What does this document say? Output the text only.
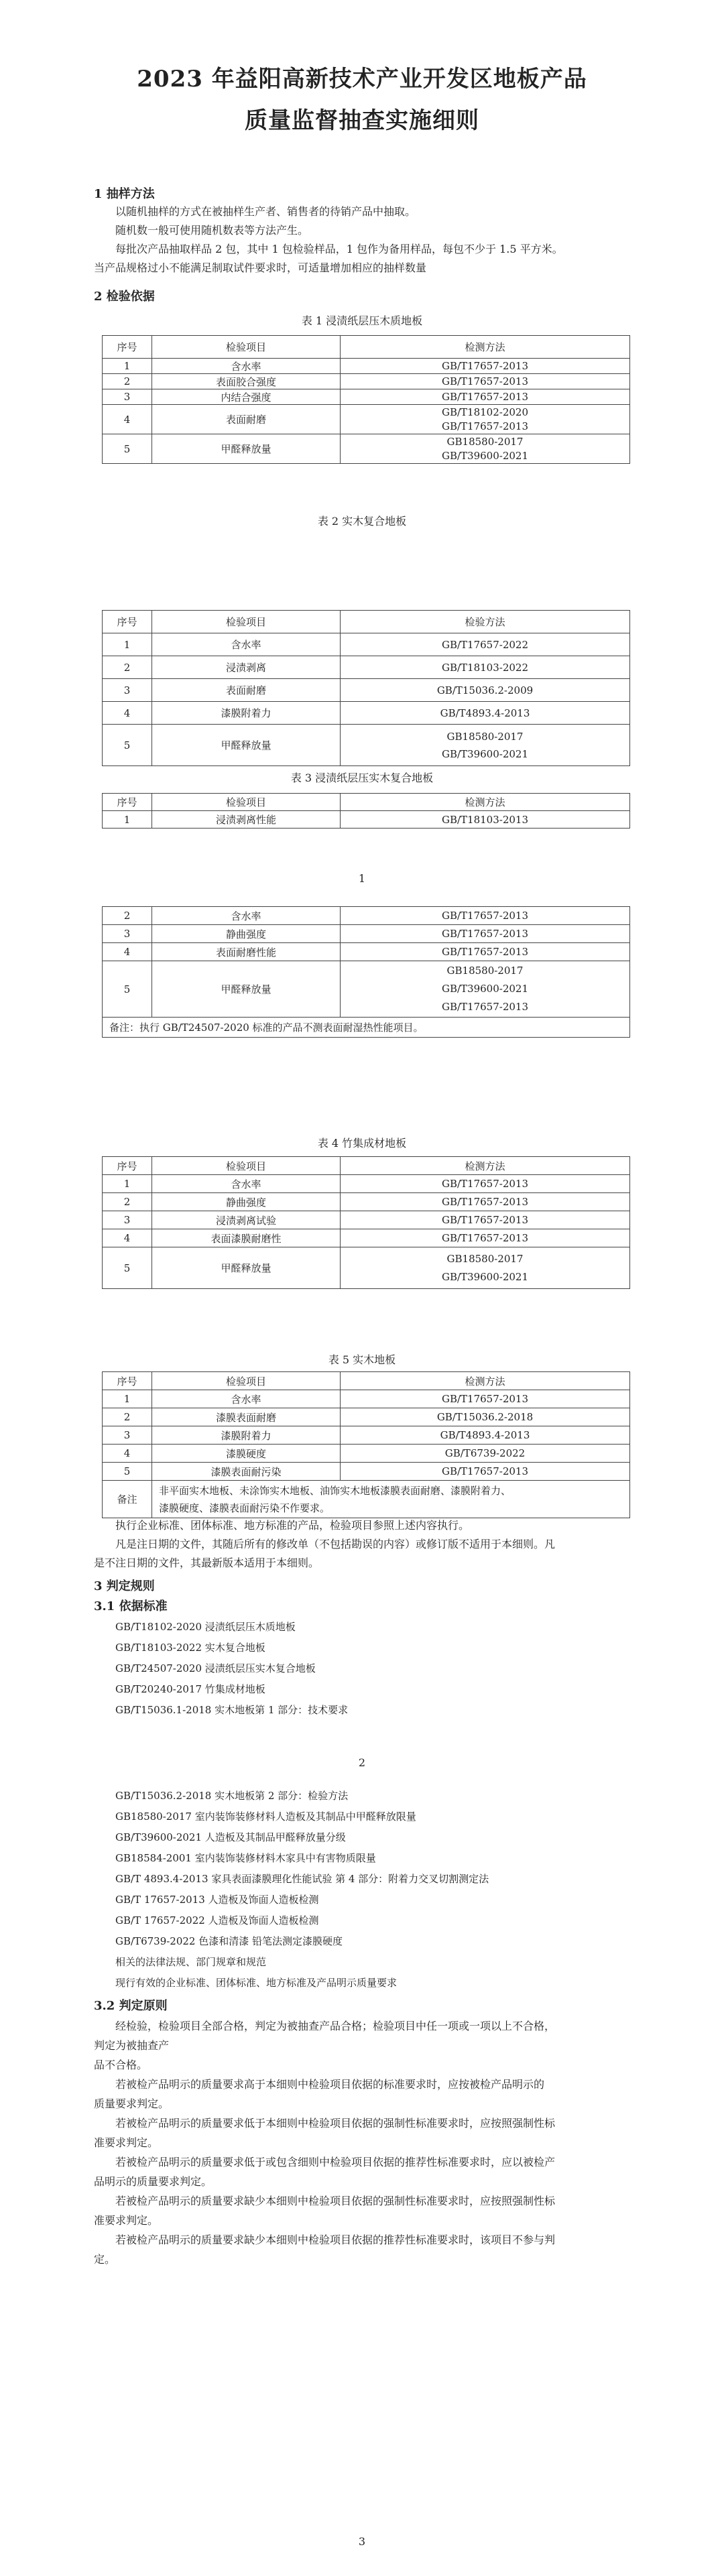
2023 年益阳高新技术产业开发区地板产品
质量监督抽查实施细则
1 抽样方法

以随机抽样的方式在被抽样生产者、销售者的待销产品中抽取。

随机数一般可使用随机数表等方法产生。

每批次产品抽取样品 2 包，其中 1 包检验样品，1 包作为备用样品，每包不少于 1.5 平方米。

当产品规格过小不能满足制取试件要求时，可适量增加相应的抽样数量

2 检验依据
表 1 浸渍纸层压木质地板
序号	检验项目	检测方法
1	含水率	GB/T17657-2013
2	表面胶合强度	GB/T17657-2013
3	内结合强度	GB/T17657-2013
4	表面耐磨	GB/T18102-2020
GB/T17657-2013

5	甲醛释放量	GB18580-2017
GB/T39600-2021
表 2 实木复合地板
序号	检验项目	检验方法
1	含水率	GB/T17657-2022
2	浸渍剥离	GB/T18103-2022
3	表面耐磨	GB/T15036.2-2009
4	漆膜附着力	GB/T4893.4-2013
5	甲醛释放量	GB18580-2017
GB/T39600-2021
表 3 浸渍纸层压实木复合地板
序号	检验项目	检测方法
1	浸渍剥离性能	GB/T18103-2013
1
2	含水率	GB/T17657-2013
3	静曲强度	GB/T17657-2013
4	表面耐磨性能	GB/T17657-2013
5	甲醛释放量	GB18580-2017
GB/T39600-2021
GB/T17657-2013

备注：执行 GB/T24507-2020 标准的产品不测表面耐湿热性能项目。		
表 4 竹集成材地板
序号	检验项目	检测方法
1	含水率	GB/T17657-2013
2	静曲强度	GB/T17657-2013
3	浸渍剥离试验	GB/T17657-2013
4	表面漆膜耐磨性	GB/T17657-2013
5	甲醛释放量	GB18580-2017
GB/T39600-2021
表 5 实木地板
序号	检验项目	检测方法
1	含水率	GB/T17657-2013
2	漆膜表面耐磨	GB/T15036.2-2018
3	漆膜附着力	GB/T4893.4-2013
4	漆膜硬度	GB/T6739-2022
5	漆膜表面耐污染	GB/T17657-2013
备注	非平面实木地板、未涂饰实木地板、油饰实木地板漆膜表面耐磨、漆膜附着力、
漆膜硬度、漆膜表面耐污染不作要求。	

执行企业标准、团体标准、地方标准的产品，检验项目参照上述内容执行。

凡是注日期的文件，其随后所有的修改单（不包括勘误的内容）或修订版不适用于本细则。凡

是不注日期的文件，其最新版本适用于本细则。

3 判定规则
3.1 依据标准
GB/T18102-2020 浸渍纸层压木质地板
GB/T18103-2022 实木复合地板
GB/T24507-2020 浸渍纸层压实木复合地板
GB/T20240-2017 竹集成材地板
GB/T15036.1-2018 实木地板第 1 部分：技术要求
2
GB/T15036.2-2018 实木地板第 2 部分：检验方法
GB18580-2017 室内装饰装修材料人造板及其制品中甲醛释放限量
GB/T39600-2021 人造板及其制品甲醛释放量分级
GB18584-2001 室内装饰装修材料木家具中有害物质限量
GB/T 4893.4-2013 家具表面漆膜理化性能试验 第 4 部分：附着力交叉切割测定法
GB/T 17657-2013 人造板及饰面人造板检测
GB/T 17657-2022 人造板及饰面人造板检测
GB/T6739-2022 色漆和清漆 铅笔法测定漆膜硬度
相关的法律法规、部门规章和规范
现行有效的企业标准、团体标准、地方标准及产品明示质量要求
3.2 判定原则

经检验，检验项目全部合格，判定为被抽查产品合格；检验项目中任一项或一项以上不合格，

判定为被抽查产

品不合格。

若被检产品明示的质量要求高于本细则中检验项目依据的标准要求时，应按被检产品明示的

质量要求判定。

若被检产品明示的质量要求低于本细则中检验项目依据的强制性标准要求时，应按照强制性标

准要求判定。

若被检产品明示的质量要求低于或包含细则中检验项目依据的推荐性标准要求时，应以被检产

品明示的质量要求判定。

若被检产品明示的质量要求缺少本细则中检验项目依据的强制性标准要求时，应按照强制性标

准要求判定。

若被检产品明示的质量要求缺少本细则中检验项目依据的推荐性标准要求时，该项目不参与判

定。

3
